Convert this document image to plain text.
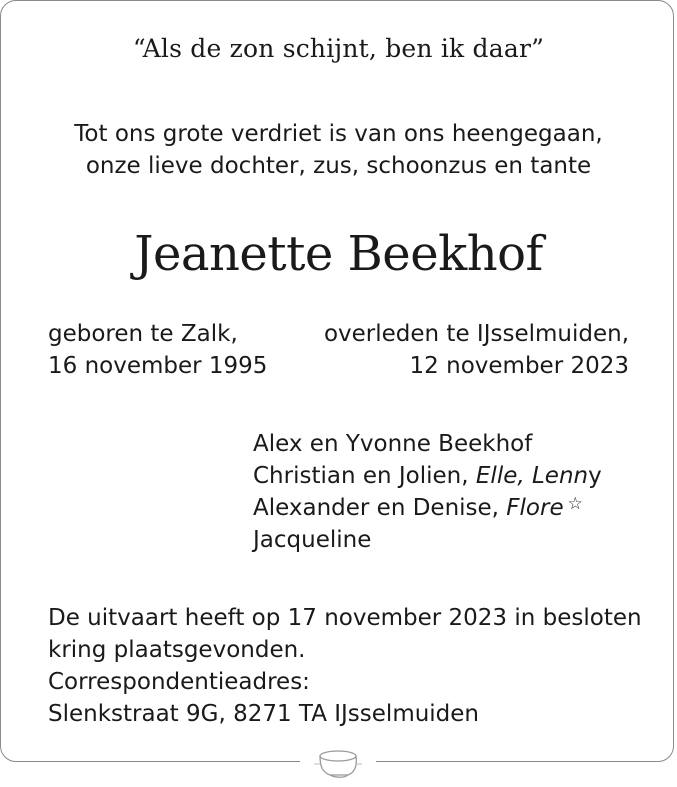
“Als de zon schijnt, ben ik daar”
Tot ons grote verdriet is van ons heengegaan,
onze lieve dochter, zus, schoonzus en tante
Jeanette Beekhof
geboren te Zalk,
16 november 1995
overleden te IJsselmuiden,
12 november 2023
Alex en Yvonne Beekhof
Christian en Jolien, Elle, Lenny
Alexander en Denise, Flore ☆
Jacqueline
De uitvaart heeft op 17 november 2023 in besloten
kring plaatsgevonden.
Correspondentieadres:
Slenkstraat 9G, 8271 TA IJsselmuiden
